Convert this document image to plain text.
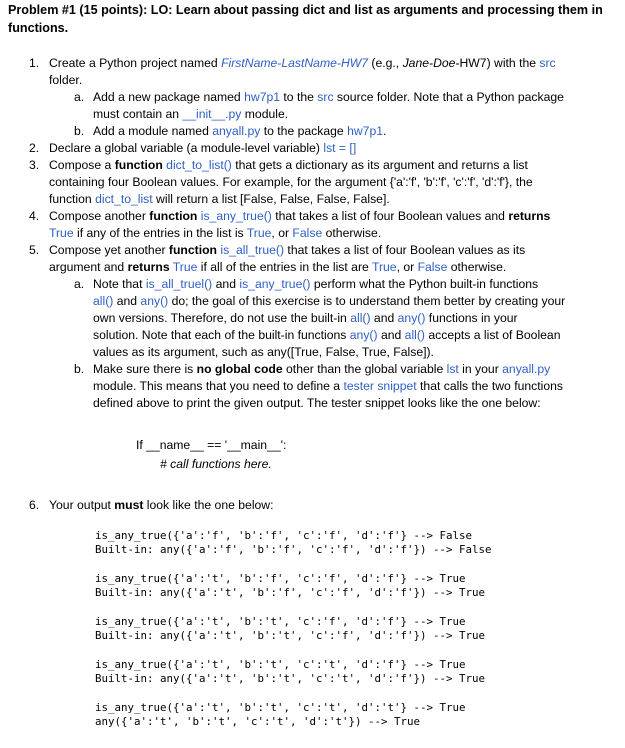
Problem #1 (15 points): LO: Learn about passing dict and list as arguments and processing them in
functions.
1. Create a Python project named FirstName-LastName-HW7 (e.g., Jane-Doe-HW7) with the src
folder.
a. Add a new package named hw7p1 to the src source folder. Note that a Python package
must contain an __init__.py module.
b. Add a module named anyall.py to the package hw7p1.
2. Declare a global variable (a module-level variable) lst = []
3. Compose a function dict_to_list() that gets a dictionary as its argument and returns a list
containing four Boolean values. For example, for the argument {'a':'f', 'b':'f', 'c':'f', 'd':'f'}, the
function dict_to_list will return a list [False, False, False, False].
4. Compose another function is_any_true() that takes a list of four Boolean values and returns
True if any of the entries in the list is True, or False otherwise.
5. Compose yet another function is_all_true() that takes a list of four Boolean values as its
argument and returns True if all of the entries in the list are True, or False otherwise.
a. Note that is_all_truel() and is_any_true() perform what the Python built-in functions
all() and any() do; the goal of this exercise is to understand them better by creating your
own versions. Therefore, do not use the built-in all() and any() functions in your
solution. Note that each of the built-in functions any() and all() accepts a list of Boolean
values as its argument, such as any([True, False, True, False]).
b. Make sure there is no global code other than the global variable lst in your anyall.py
module. This means that you need to define a tester snippet that calls the two functions
defined above to print the given output. The tester snippet looks like the one below:
If __name__ == '__main__':
# call functions here.
6. Your output must look like the one below:
is_any_true({'a':'f', 'b':'f', 'c':'f', 'd':'f'} --> False
Built-in: any({'a':'f', 'b':'f', 'c':'f', 'd':'f'}) --> False
is_any_true({'a':'t', 'b':'f', 'c':'f', 'd':'f'} --> True
Built-in: any({'a':'t', 'b':'f', 'c':'f', 'd':'f'}) --> True
is_any_true({'a':'t', 'b':'t', 'c':'f', 'd':'f'} --> True
Built-in: any({'a':'t', 'b':'t', 'c':'f', 'd':'f'}) --> True
is_any_true({'a':'t', 'b':'t', 'c':'t', 'd':'f'} --> True
Built-in: any({'a':'t', 'b':'t', 'c':'t', 'd':'f'}) --> True
is_any_true({'a':'t', 'b':'t', 'c':'t', 'd':'t'} --> True
any({'a':'t', 'b':'t', 'c':'t', 'd':'t'}) --> True
